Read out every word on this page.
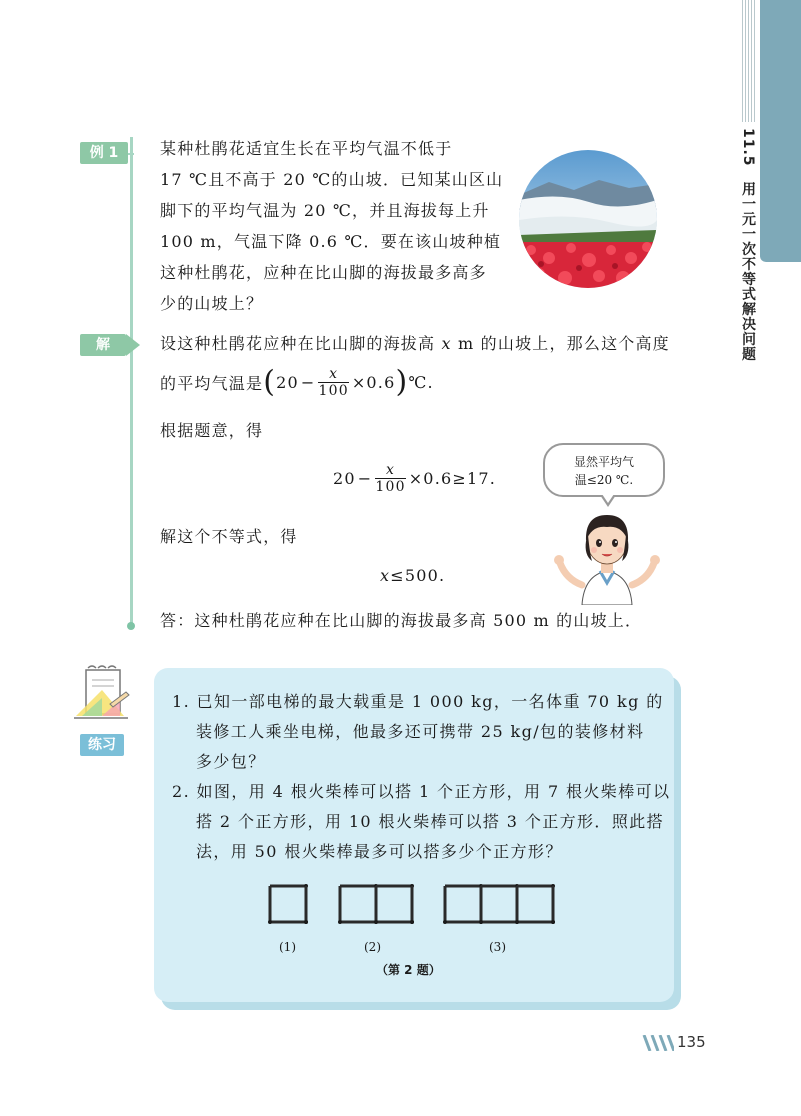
11.5　用一元一次不等式解决问题
例 1	某种杜鹃花适宜生长在平均气温不低于
17 ℃且不高于 20 ℃的山坡．已知某山区山
脚下的平均气温为 20 ℃，并且海拔每上升
100 m，气温下降 0.6 ℃．要在该山坡种植
这种杜鹃花，应种在比山脚的海拔最多高多
少的山坡上？
解	设这种杜鹃花应种在比山脚的海拔高 x m 的山坡上，那么这个高度
的平均气温是($20 - \frac{x}{100}$ ×0.6)℃.
根据题意，得
$20 - \frac{x}{100} \times 0.6\ge 17$.
解这个不等式，得
x≤500.
答：这种杜鹃花应种在比山脚的海拔最多高 500 m 的山坡上．
显然平均气
温≤20 ℃.
练习
1. 已知一部电梯的最大载重是 1 000 kg，一名体重 70 kg 的
装修工人乘坐电梯，他最多还可携带 25 kg/包的装修材料
多少包？
2. 如图，用 4 根火柴棒可以搭 1 个正方形，用 7 根火柴棒可以
搭 2 个正方形，用 10 根火柴棒可以搭 3 个正方形．照此搭
法，用 50 根火柴棒最多可以搭多少个正方形？
(1)	(2)	(3)
（第 2 题）
135
